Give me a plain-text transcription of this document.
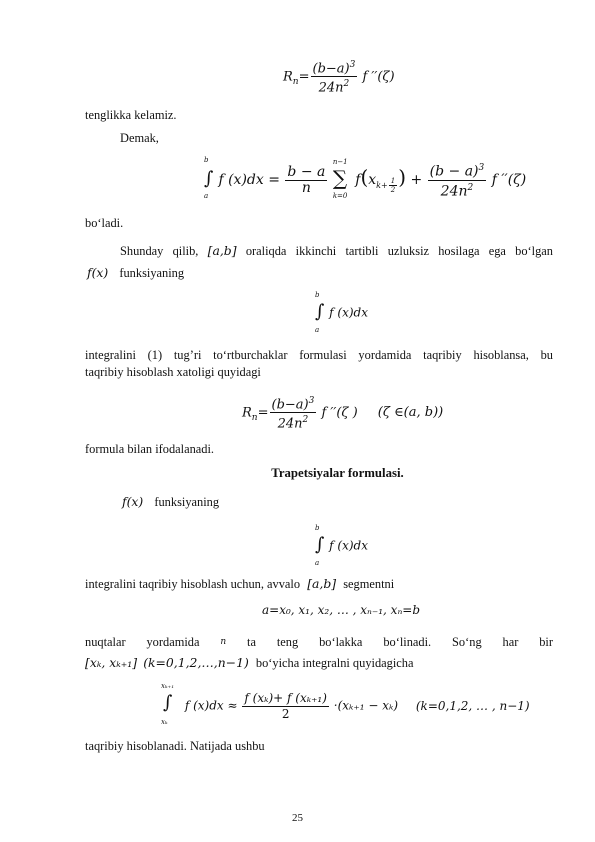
$R_n= \frac{(b-a)^3}{24n^2}$ f ′′(ζ)
tenglikka kelamiz.
Demak,
b
∫
a
f $(x)dx = \frac{b - a}{n}$

n−1
∑
k=0
$f(x_{k+ \frac{1}{2}}$ ) + $\frac{(b - a)^3}{24n^2}$ f ′′(ζ)
bo‘ladi.
Shunday qilib, [a,b] oraliqda ikkinchi tartibli uzluksiz hosilaga ega bo‘lgan
f(x) funksiyaning
b
∫
a
f (x)dx
integralini (1) tug’ri to‘rtburchaklar formulasi yordamida taqribiy hisoblansa, bu
taqribiy hisoblash xatoligi quyidagi
$R_n= \frac{(b-a)^3}{24n^2}$ f ′′(ζ ) (ζ ∈(a, b))
formula bilan ifodalanadi.
Trapetsiyalar formulasi.
f(x) funksiyaning
b
∫
a
f (x)dx
integralini taqribiy hisoblash uchun, avvalo [a,b] segmentni
a=x₀, x₁, x₂, … , xₙ₋₁, xₙ=b
nuqtalar yordamida n ta teng bo‘lakka bo‘linadi. So‘ng har bir
[xₖ, xₖ₊₁] (k=0,1,2,…,n−1) bo‘yicha integralni quyidagicha
xₖ₊₁
∫
xₖ
f $(x)dx \approx \frac{\text{f (xₖ)+ f (xₖ₊₁)}}{2} \cdot(x_{k+1} - x_k)$ (k=0,1,2, … , n−1)
taqribiy hisoblanadi. Natijada ushbu
25
